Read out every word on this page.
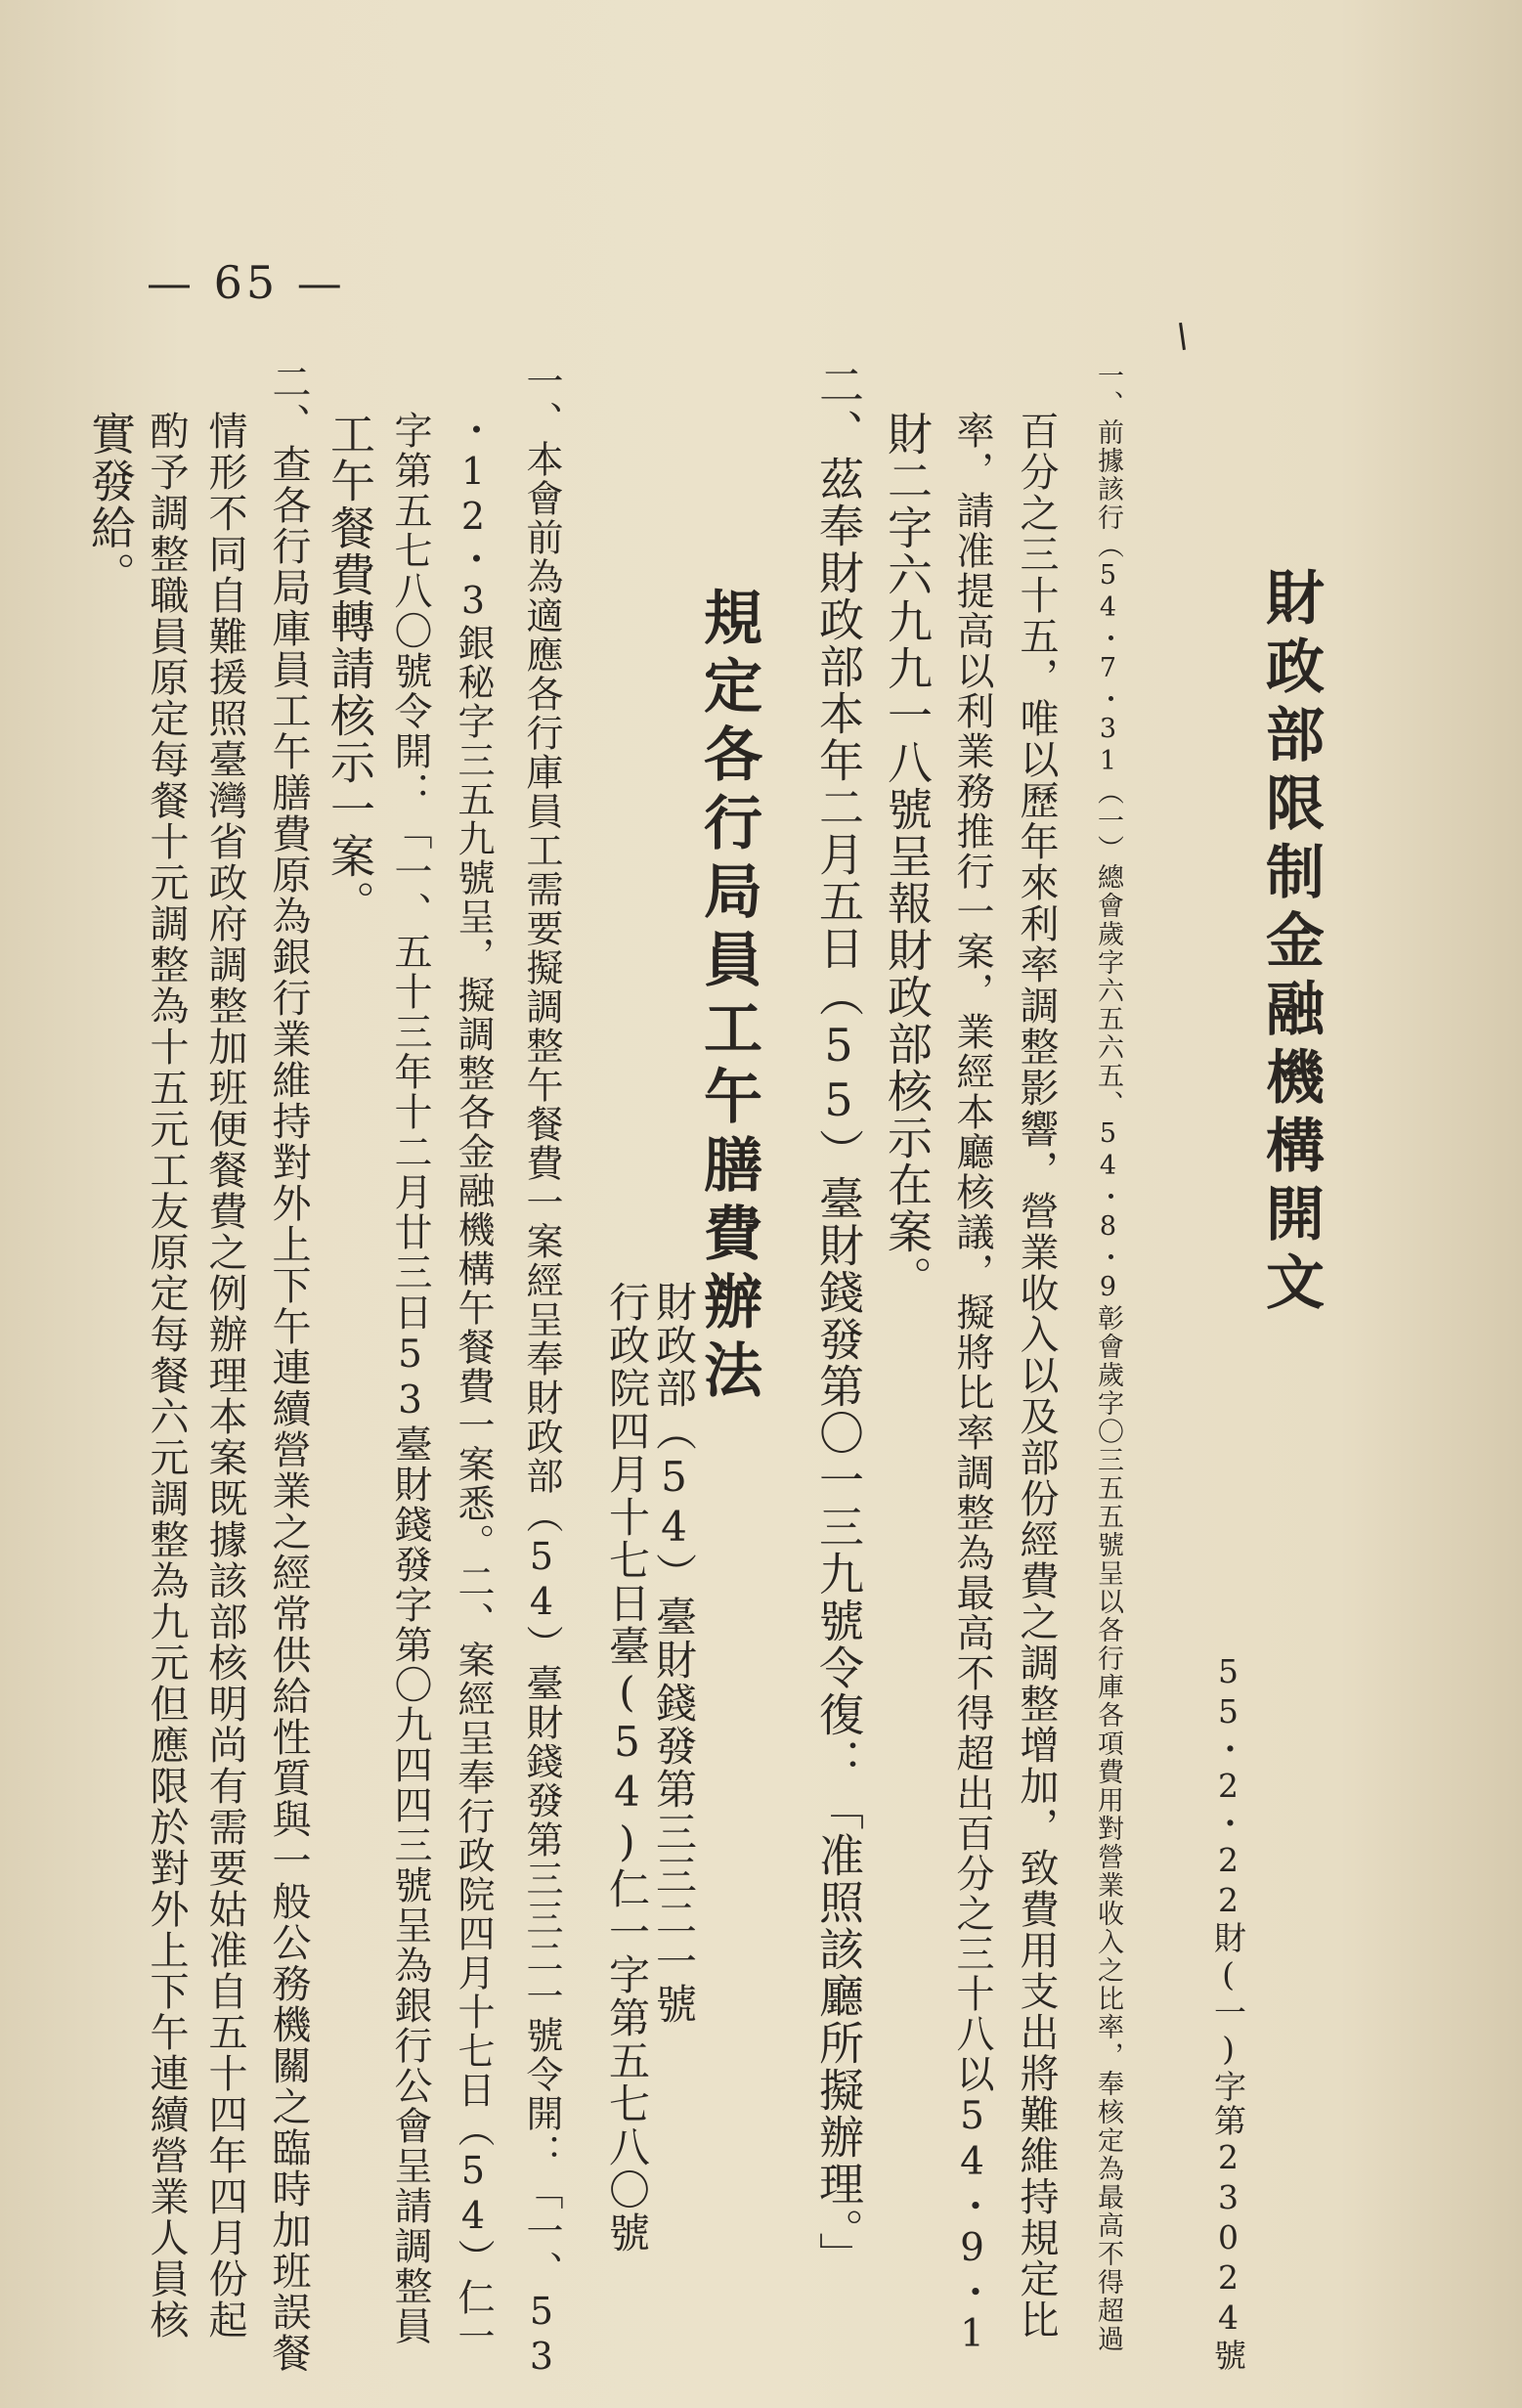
— 65 —
財政部限制金融機構開文
55・2・22財(一)字第23024號
一、前據該行（54・7・31（一）總會歲字六五六五、54・8・9彰會歲字〇三五五號呈以各行庫各項費用對營業收入之比率，奉核定為最高不得超過
百分之三十五，唯以歷年來利率調整影響，營業收入以及部份經費之調整增加，致費用支出將難維持規定比
率，請准提高以利業務推行一案，業經本廳核議，擬將比率調整為最高不得超出百分之三十八以54・9・1
財二字六九九一八號呈報財政部核示在案。
二、茲奉財政部本年二月五日（55）臺財錢發第〇一三九號令復：「准照該廳所擬辦理。」
規定各行局員工午膳費辦法
財政部（54）臺財錢發第三三二一號
行政院四月十七日臺(54)仁一字第五七八〇號
一、本會前為適應各行庫員工需要擬調整午餐費一案經呈奉財政部（54）臺財錢發第三三二一號令開：「一、53
・12・3銀秘字三五九號呈，擬調整各金融機構午餐費一案悉。二、案經呈奉行政院四月十七日（54）仁一
字第五七八〇號令開：「一、五十三年十二月廿三日53臺財錢發字第〇九四四三號呈為銀行公會呈請調整員
工午餐費轉請核示一案。
二、查各行局庫員工午膳費原為銀行業維持對外上下午連續營業之經常供給性質與一般公務機關之臨時加班誤餐
情形不同自難援照臺灣省政府調整加班便餐費之例辦理本案既據該部核明尚有需要姑准自五十四年四月份起
酌予調整職員原定每餐十元調整為十五元工友原定每餐六元調整為九元但應限於對外上下午連續營業人員核
實發給。
